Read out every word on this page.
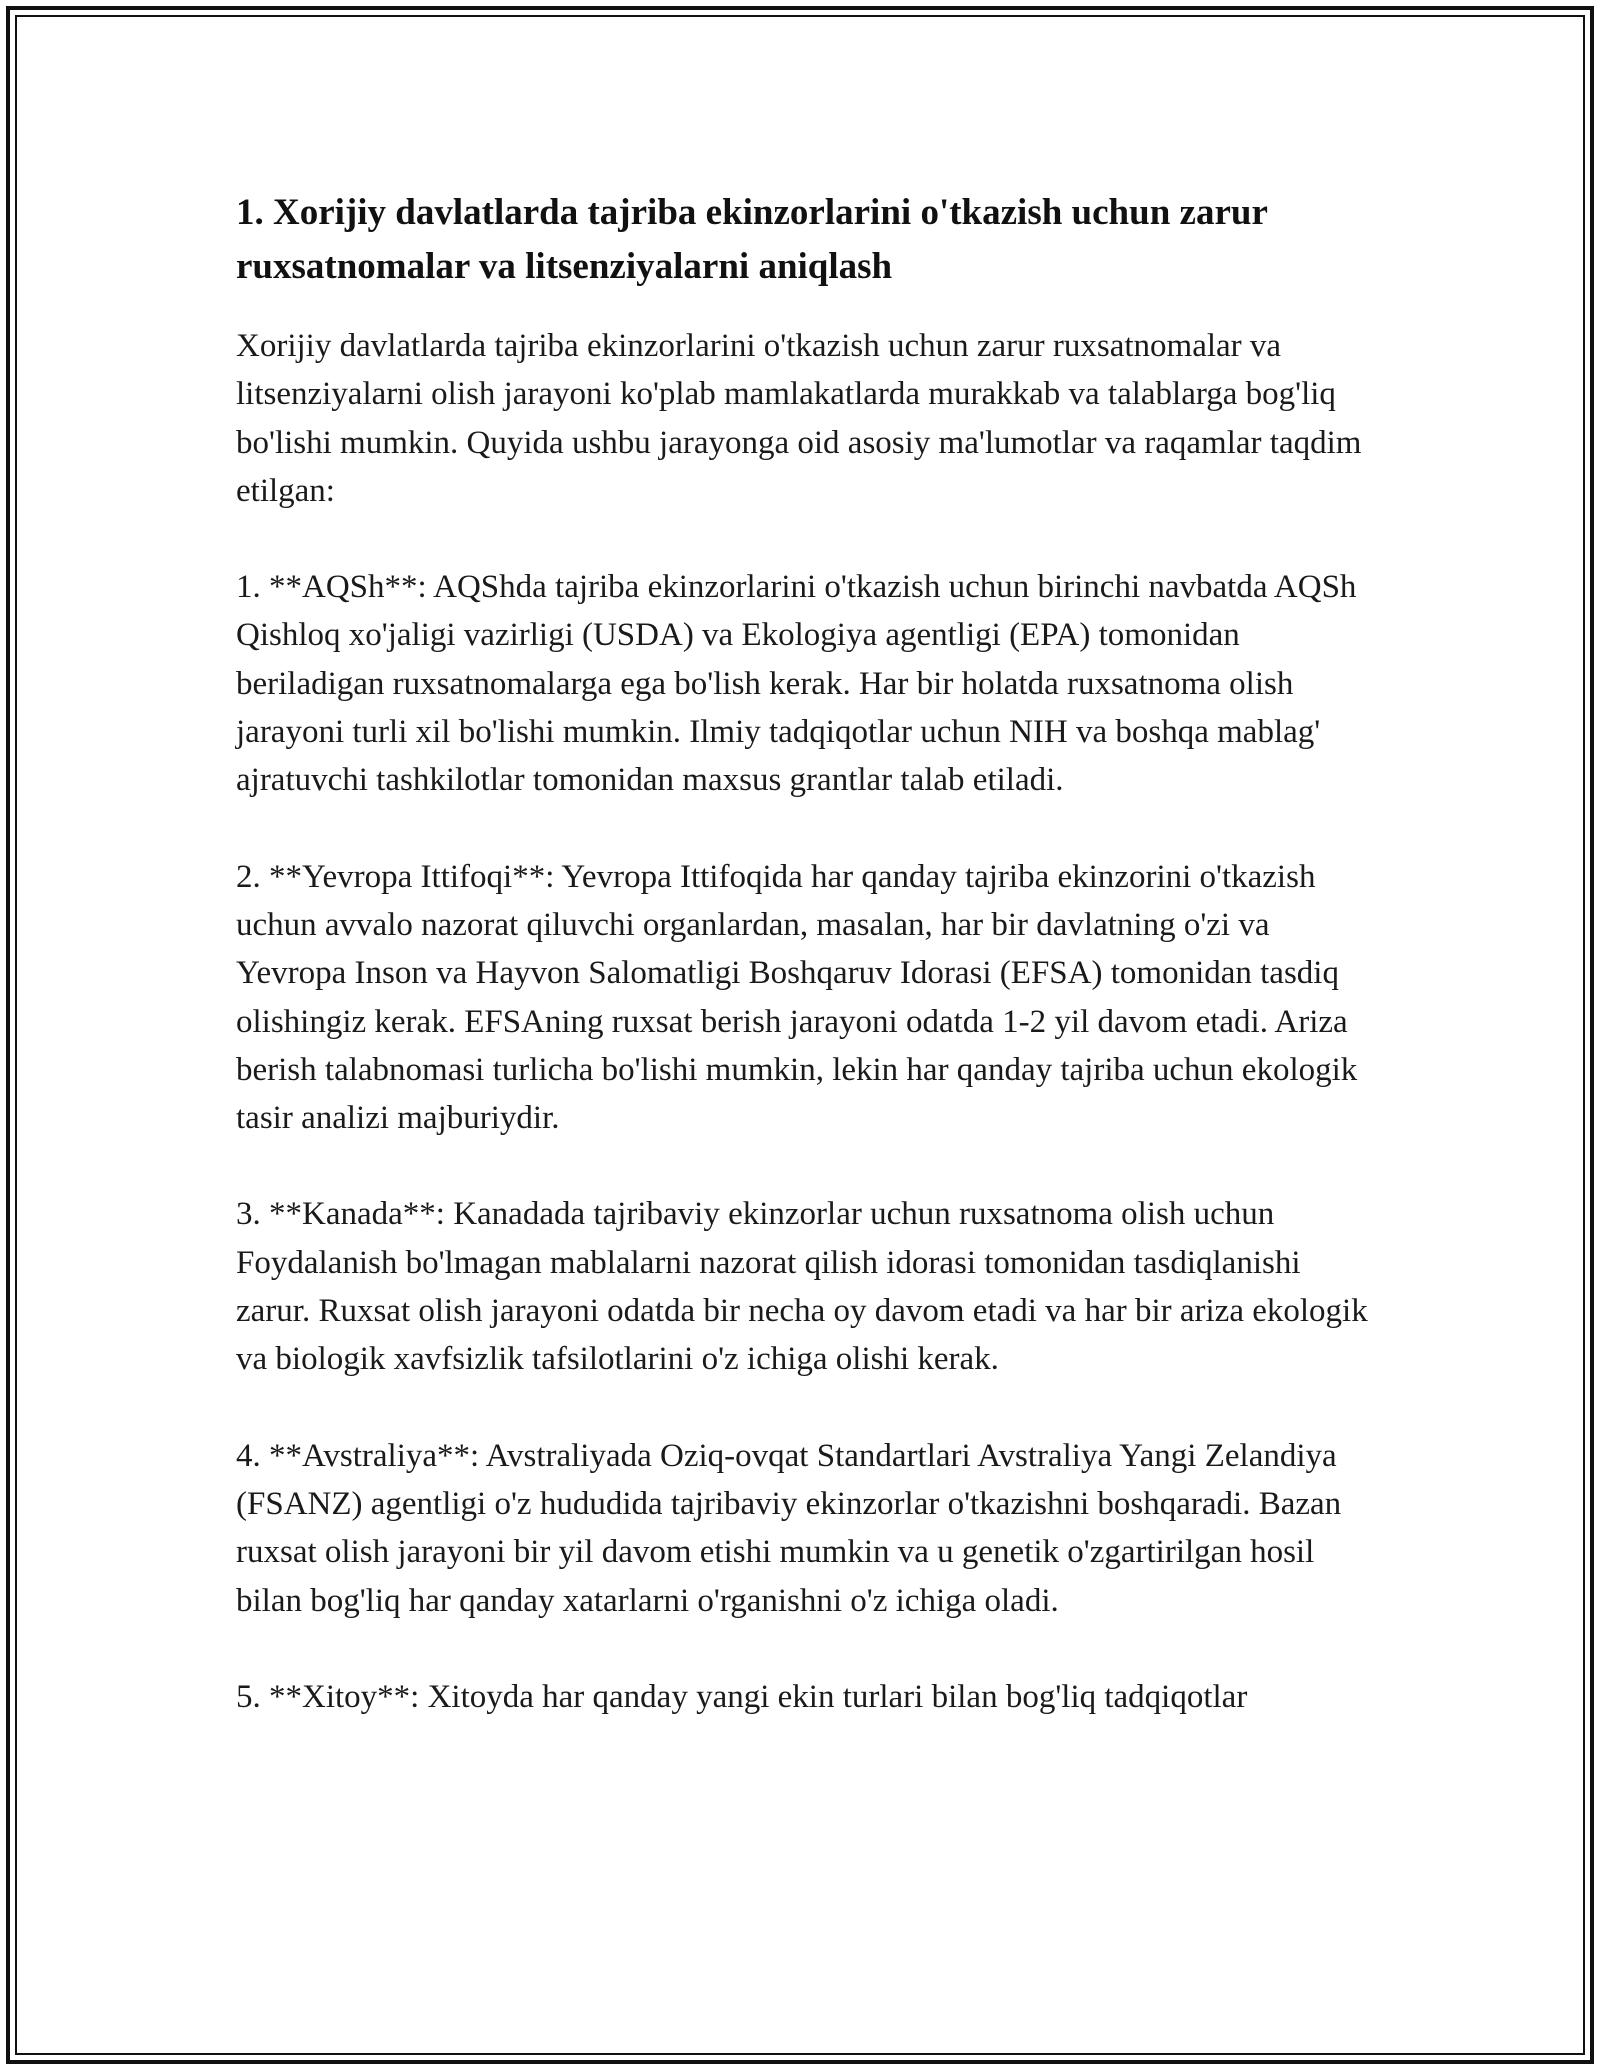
1. Xorijiy davlatlarda tajriba ekinzorlarini o'tkazish uchun zarur ruxsatnomalar va litsenziyalarni aniqlash

Xorijiy davlatlarda tajriba ekinzorlarini o'tkazish uchun zarur ruxsatnomalar va litsenziyalarni olish jarayoni ko'plab mamlakatlarda murakkab va talablarga bog'liq bo'lishi mumkin. Quyida ushbu jarayonga oid asosiy ma'lumotlar va raqamlar taqdim etilgan:

1. **AQSh**: AQShda tajriba ekinzorlarini o'tkazish uchun birinchi navbatda AQSh Qishloq xo'jaligi vazirligi (USDA) va Ekologiya agentligi (EPA) tomonidan beriladigan ruxsatnomalarga ega bo'lish kerak. Har bir holatda ruxsatnoma olish jarayoni turli xil bo'lishi mumkin. Ilmiy tadqiqotlar uchun NIH va boshqa mablag' ajratuvchi tashkilotlar tomonidan maxsus grantlar talab etiladi.

2. **Yevropa Ittifoqi**: Yevropa Ittifoqida har qanday tajriba ekinzorini o'tkazish uchun avvalo nazorat qiluvchi organlardan, masalan, har bir davlatning o'zi va Yevropa Inson va Hayvon Salomatligi Boshqaruv Idorasi (EFSA) tomonidan tasdiq olishingiz kerak. EFSAning ruxsat berish jarayoni odatda 1-2 yil davom etadi. Ariza berish talabnomasi turlicha bo'lishi mumkin, lekin har qanday tajriba uchun ekologik tasir analizi majburiydir.

3. **Kanada**: Kanadada tajribaviy ekinzorlar uchun ruxsatnoma olish uchun Foydalanish bo'lmagan mablalarni nazorat qilish idorasi tomonidan tasdiqlanishi zarur. Ruxsat olish jarayoni odatda bir necha oy davom etadi va har bir ariza ekologik va biologik xavfsizlik tafsilotlarini o'z ichiga olishi kerak.

4. **Avstraliya**: Avstraliyada Oziq-ovqat Standartlari Avstraliya Yangi Zelandiya (FSANZ) agentligi o'z hududida tajribaviy ekinzorlar o'tkazishni boshqaradi. Bazan ruxsat olish jarayoni bir yil davom etishi mumkin va u genetik o'zgartirilgan hosil bilan bog'liq har qanday xatarlarni o'rganishni o'z ichiga oladi.

5. **Xitoy**: Xitoyda har qanday yangi ekin turlari bilan bog'liq tadqiqotlar
